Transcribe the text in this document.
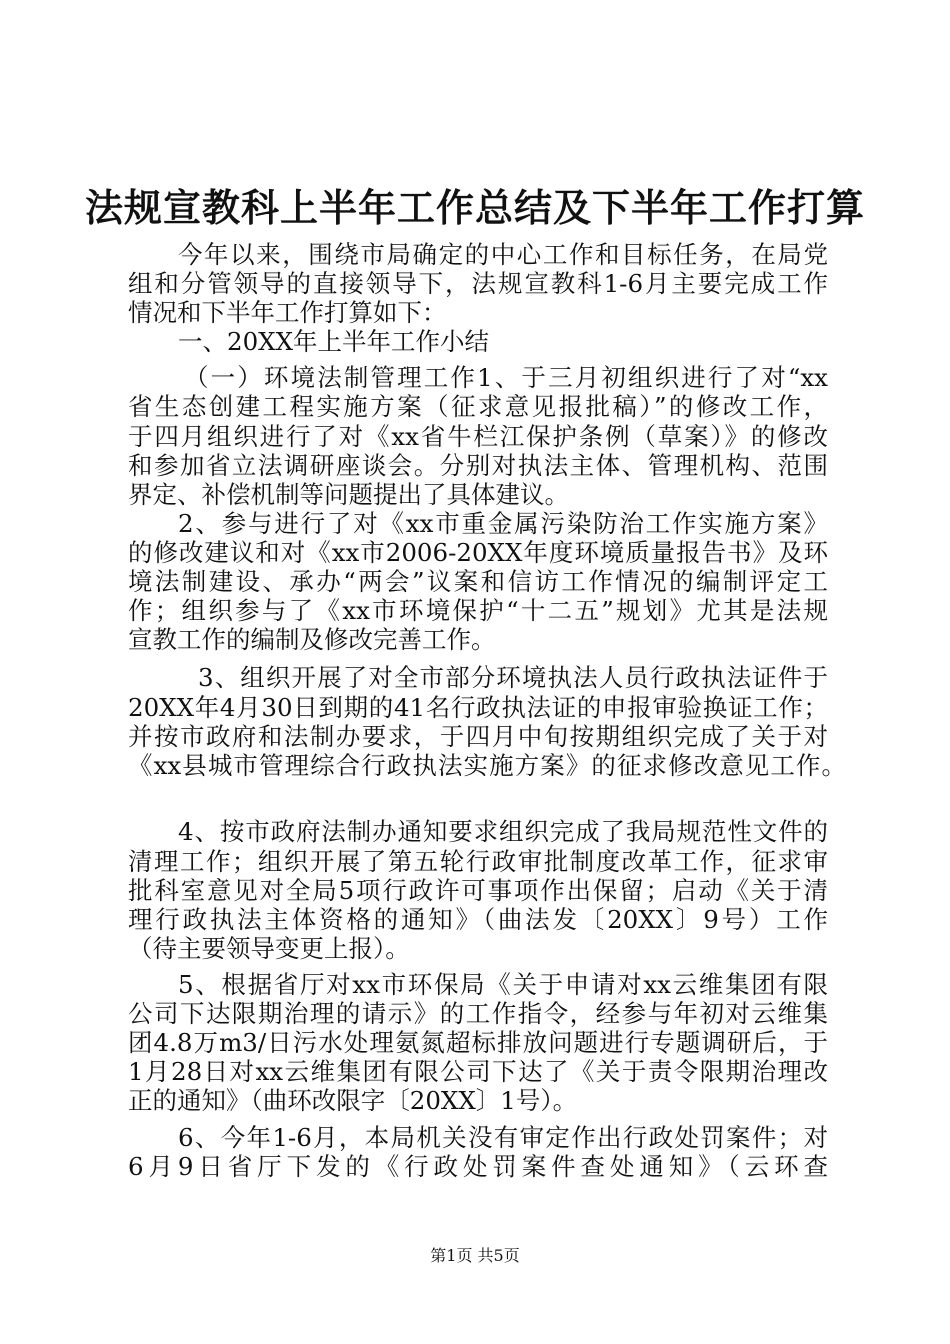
法规宣教科上半年工作总结及下半年工作打算

今年以来，围绕市局确定的中心工作和目标任务，在局党

组和分管领导的直接领导下，法规宣教科1-6月主要完成工作

情况和下半年工作打算如下：

一、20XX年上半年工作小结

（一）环境法制管理工作1、于三月初组织进行了对“xx

省生态创建工程实施方案（征求意见报批稿）”的修改工作，

于四月组织进行了对《xx省牛栏江保护条例（草案）》的修改

和参加省立法调研座谈会。分别对执法主体、管理机构、范围

界定、补偿机制等问题提出了具体建议。

2、参与进行了对《xx市重金属污染防治工作实施方案》

的修改建议和对《xx市2006-20XX年度环境质量报告书》及环

境法制建设、承办“两会”议案和信访工作情况的编制评定工

作；组织参与了《xx市环境保护“十二五”规划》尤其是法规

宣教工作的编制及修改完善工作。

3、组织开展了对全市部分环境执法人员行政执法证件于

20XX年4月30日到期的41名行政执法证的申报审验换证工作；

并按市政府和法制办要求，于四月中旬按期组织完成了关于对

《xx县城市管理综合行政执法实施方案》的征求修改意见工作。

4、按市政府法制办通知要求组织完成了我局规范性文件的

清理工作；组织开展了第五轮行政审批制度改革工作，征求审

批科室意见对全局5项行政许可事项作出保留；启动《关于清

理行政执法主体资格的通知》（曲法发〔20XX〕9号）工作

（待主要领导变更上报）。

5、根据省厅对xx市环保局《关于申请对xx云维集团有限

公司下达限期治理的请示》的工作指令，经参与年初对云维集

团4.8万m3/日污水处理氨氮超标排放问题进行专题调研后，于

1月28日对xx云维集团有限公司下达了《关于责令限期治理改

正的通知》（曲环改限字〔20XX〕1号）。

6、今年1-6月，本局机关没有审定作出行政处罚案件；对

6月9日省厅下发的《行政处罚案件查处通知》（云环查

第1页 共5页
